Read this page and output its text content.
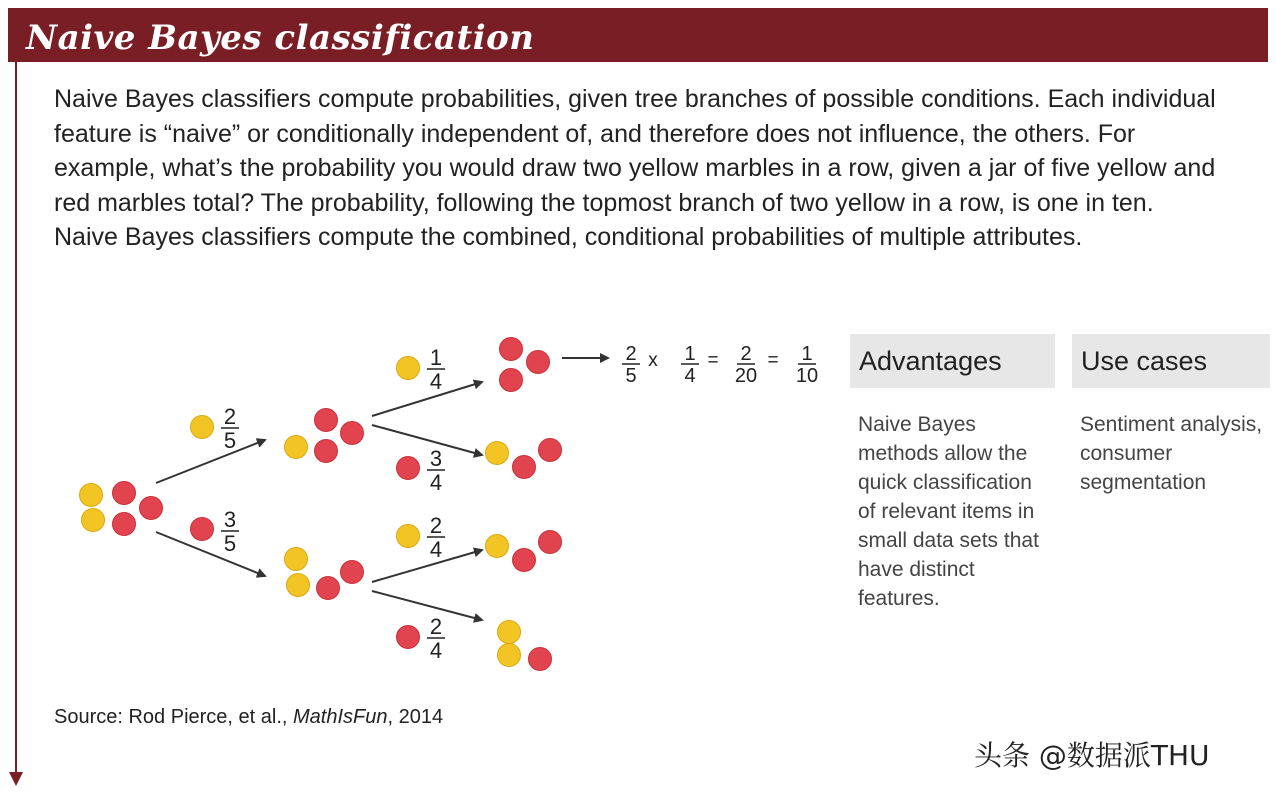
Naive Bayes classification

Naive Bayes classifiers compute probabilities, given tree branches of possible conditions. Each individual feature is “naive” or conditionally independent of, and therefore does not influence, the others. For example, what’s the probability you would draw two yellow marbles in a row, given a jar of five yellow and red marbles total? The probability, following the topmost branch of two yellow in a row, is one in ten. Naive Bayes classifiers compute the combined, conditional probabilities of multiple attributes.

2
5
3
5
1
4
3
4
2
4
2
4
2
5
1
4
2
20
1
10
x	=	=	Advantages

Naive Bayes methods allow the quick classification of relevant items in small data sets that have distinct features.

Use cases

Sentiment analysis, consumer segmentation

Source: Rod Pierce, et al., MathIsFun, 2014
头条 @数据派THU
